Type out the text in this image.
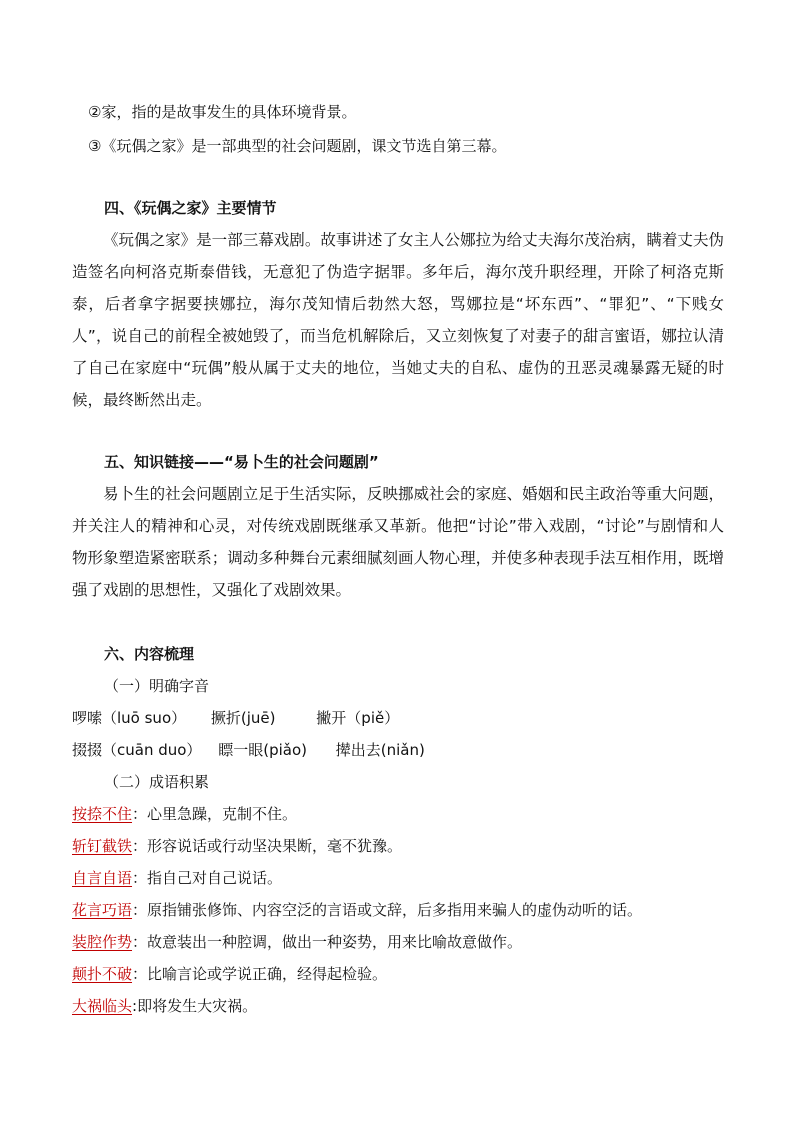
②家，指的是故事发生的具体环境背景。
③《玩偶之家》是一部典型的社会问题剧，课文节选自第三幕。
四、《玩偶之家》主要情节
《玩偶之家》是一部三幕戏剧。故事讲述了女主人公娜拉为给丈夫海尔茂治病，瞒着丈夫伪造签名向柯洛克斯泰借钱，无意犯了伪造字据罪。多年后，海尔茂升职经理，开除了柯洛克斯泰，后者拿字据要挟娜拉，海尔茂知情后勃然大怒，骂娜拉是“坏东西”、“罪犯”、“下贱女人”，说自己的前程全被她毁了，而当危机解除后，又立刻恢复了对妻子的甜言蜜语，娜拉认清了自己在家庭中“玩偶”般从属于丈夫的地位，当她丈夫的自私、虚伪的丑恶灵魂暴露无疑的时候，最终断然出走。
五、知识链接——“易卜生的社会问题剧”
易卜生的社会问题剧立足于生活实际，反映挪威社会的家庭、婚姻和民主政治等重大问题，并关注人的精神和心灵，对传统戏剧既继承又革新。他把“讨论”带入戏剧，“讨论”与剧情和人物形象塑造紧密联系；调动多种舞台元素细腻刻画人物心理，并使多种表现手法互相作用，既增强了戏剧的思想性，又强化了戏剧效果。
六、内容梳理
（一）明确字音
啰嗦（luō suo） 撅折(juē)	撇开（piě）
掇掇（cuān duo） 瞟一眼(piǎo) 撵出去(niǎn)
（二）成语积累
按捺不住：心里急躁，克制不住。
斩钉截铁：形容说话或行动坚决果断，毫不犹豫。
自言自语：指自己对自己说话。
花言巧语：原指铺张修饰、内容空泛的言语或文辞，后多指用来骗人的虚伪动听的话。
装腔作势：故意装出一种腔调，做出一种姿势，用来比喻故意做作。
颠扑不破：比喻言论或学说正确，经得起检验。
大祸临头:即将发生大灾祸。
